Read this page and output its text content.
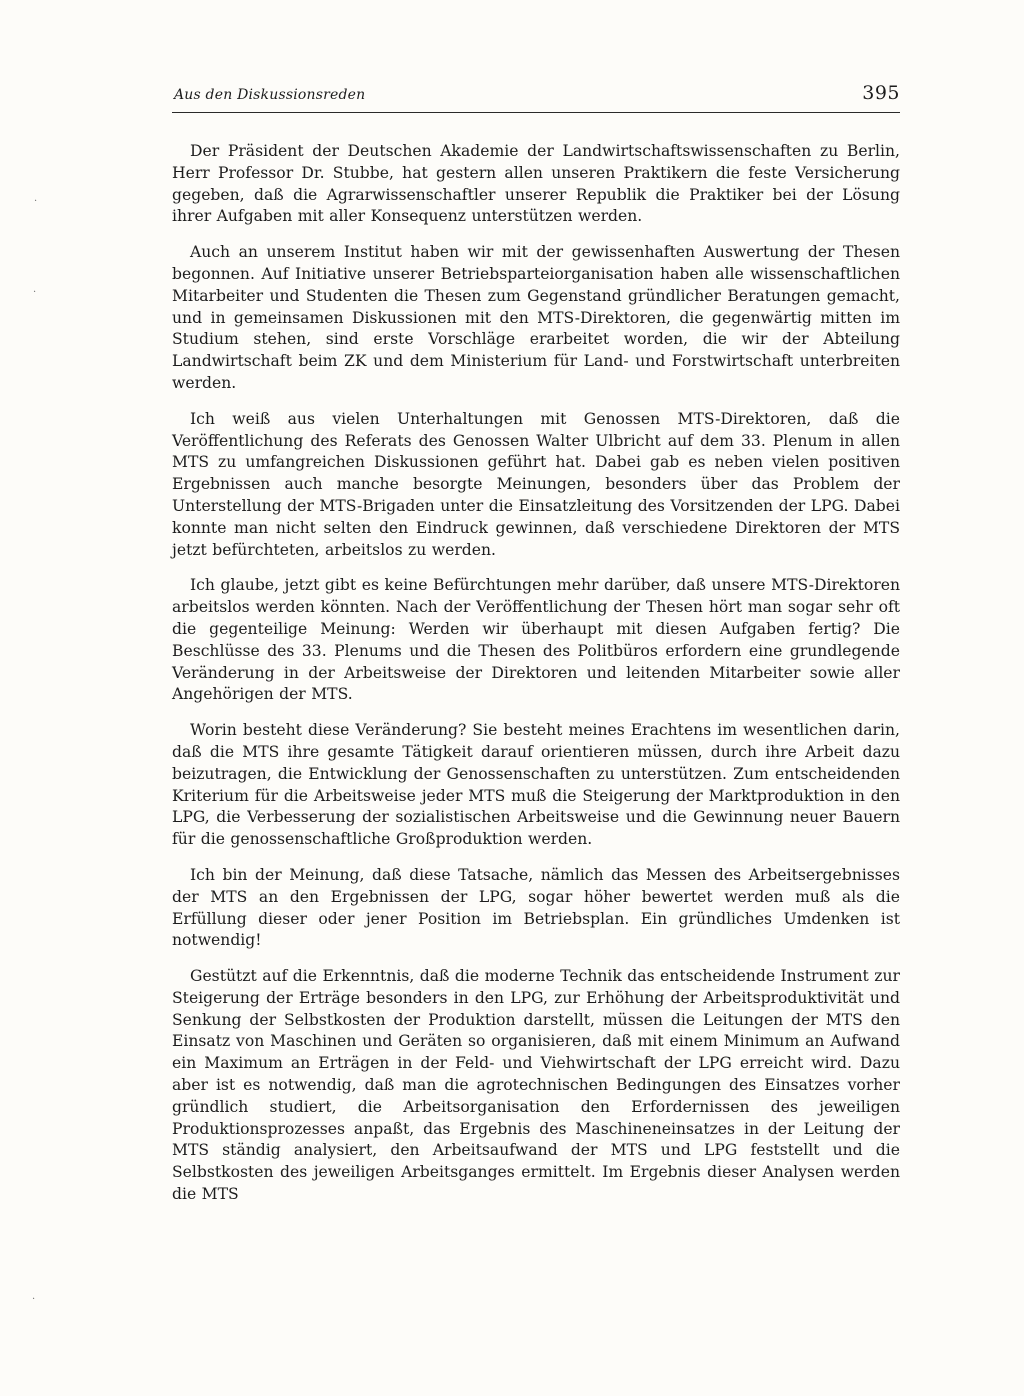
·
·
·
Aus den Diskussionsreden	395

Der Präsident der Deutschen Akademie der Landwirtschaftswissenschaften zu Berlin, Herr Professor Dr. Stubbe, hat gestern allen unseren Praktikern die feste Versicherung gegeben, daß die Agrarwissenschaftler unserer Republik die Praktiker bei der Lösung ihrer Aufgaben mit aller Konsequenz unterstützen werden.

Auch an unserem Institut haben wir mit der gewissenhaften Auswertung der Thesen begonnen. Auf Initiative unserer Betriebsparteiorganisation haben alle wissenschaftlichen Mitarbeiter und Studenten die Thesen zum Gegenstand gründlicher Beratungen gemacht, und in gemeinsamen Diskussionen mit den MTS-Direktoren, die gegenwärtig mitten im Studium stehen, sind erste Vorschläge erarbeitet worden, die wir der Abteilung Landwirtschaft beim ZK und dem Ministerium für Land- und Forstwirtschaft unterbreiten werden.

Ich weiß aus vielen Unterhaltungen mit Genossen MTS-Direktoren, daß die Veröffentlichung des Referats des Genossen Walter Ulbricht auf dem 33. Plenum in allen MTS zu umfangreichen Diskussionen geführt hat. Dabei gab es neben vielen positiven Ergebnissen auch manche besorgte Meinungen, besonders über das Problem der Unterstellung der MTS-Brigaden unter die Einsatzleitung des Vorsitzenden der LPG. Dabei konnte man nicht selten den Eindruck gewinnen, daß verschiedene Direktoren der MTS jetzt befürchteten, arbeitslos zu werden.

Ich glaube, jetzt gibt es keine Befürchtungen mehr darüber, daß unsere MTS-Direktoren arbeitslos werden könnten. Nach der Veröffentlichung der Thesen hört man sogar sehr oft die gegenteilige Meinung: Werden wir überhaupt mit diesen Aufgaben fertig? Die Beschlüsse des 33. Plenums und die Thesen des Politbüros erfordern eine grundlegende Veränderung in der Arbeitsweise der Direktoren und leitenden Mitarbeiter sowie aller Angehörigen der MTS.

Worin besteht diese Veränderung? Sie besteht meines Erachtens im wesentlichen darin, daß die MTS ihre gesamte Tätigkeit darauf orientieren müssen, durch ihre Arbeit dazu beizutragen, die Entwicklung der Genossenschaften zu unterstützen. Zum entscheidenden Kriterium für die Arbeitsweise jeder MTS muß die Steigerung der Marktproduktion in den LPG, die Verbesserung der sozialistischen Arbeitsweise und die Gewinnung neuer Bauern für die genossenschaftliche Großproduktion werden.

Ich bin der Meinung, daß diese Tatsache, nämlich das Messen des Arbeitsergebnisses der MTS an den Ergebnissen der LPG, sogar höher bewertet werden muß als die Erfüllung dieser oder jener Position im Betriebsplan. Ein gründliches Umdenken ist notwendig!

Gestützt auf die Erkenntnis, daß die moderne Technik das entscheidende Instrument zur Steigerung der Erträge besonders in den LPG, zur Erhöhung der Arbeitsproduktivität und Senkung der Selbstkosten der Produktion darstellt, müssen die Leitungen der MTS den Einsatz von Maschinen und Geräten so organisieren, daß mit einem Minimum an Aufwand ein Maximum an Erträgen in der Feld- und Viehwirtschaft der LPG erreicht wird. Dazu aber ist es notwendig, daß man die agrotechnischen Bedingungen des Einsatzes vorher gründlich studiert, die Arbeitsorganisation den Erfordernissen des jeweiligen Produktionsprozesses anpaßt, das Ergebnis des Maschineneinsatzes in der Leitung der MTS ständig analysiert, den Arbeitsaufwand der MTS und LPG feststellt und die Selbstkosten des jeweiligen Arbeitsganges ermittelt. Im Ergebnis dieser Analysen werden die MTS
